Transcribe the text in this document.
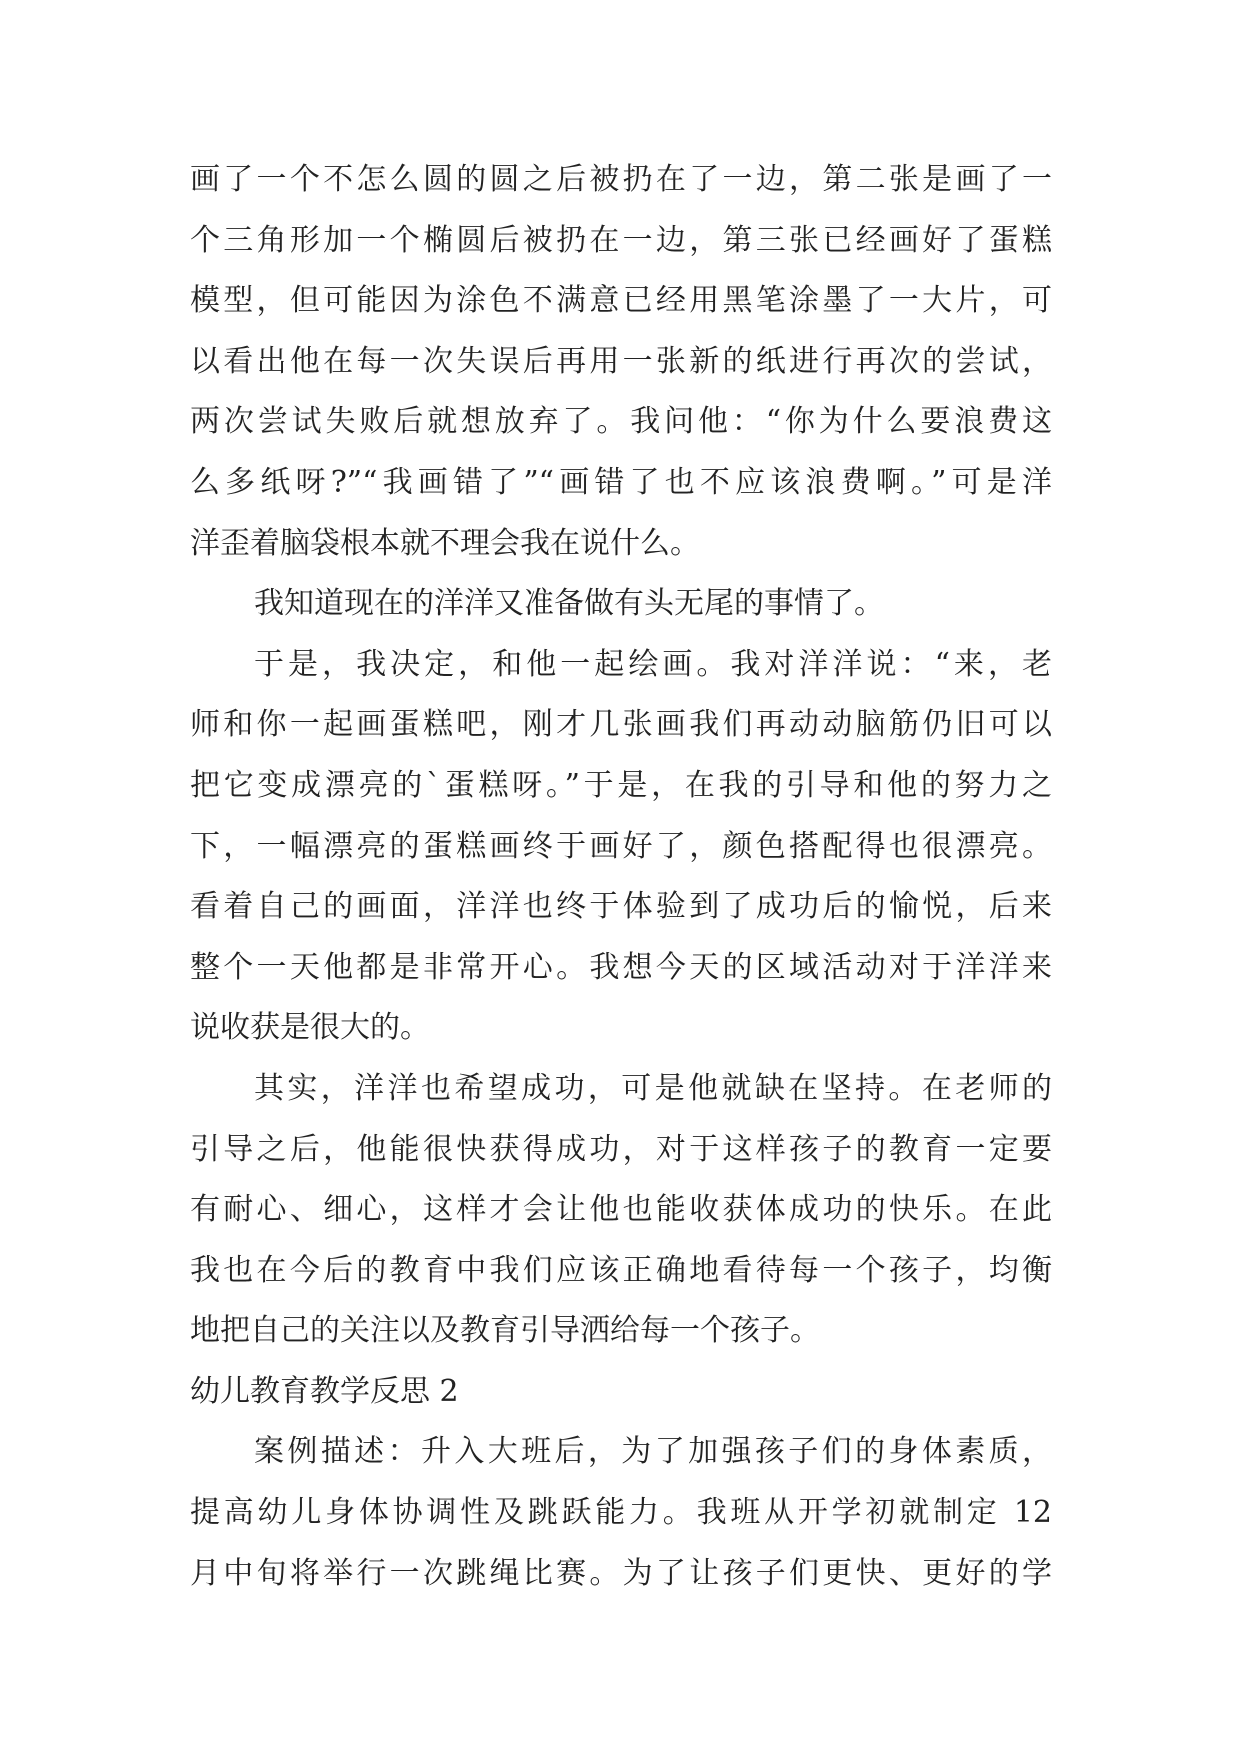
画了一个不怎么圆的圆之后被扔在了一边，第二张是画了一
个三角形加一个椭圆后被扔在一边，第三张已经画好了蛋糕
模型，但可能因为涂色不满意已经用黑笔涂墨了一大片，可
以看出他在每一次失误后再用一张新的纸进行再次的尝试，
两次尝试失败后就想放弃了。我问他：“你为什么要浪费这
么多纸呀?”“我画错了”“画错了也不应该浪费啊。”可是洋
洋歪着脑袋根本就不理会我在说什么。
我知道现在的洋洋又准备做有头无尾的事情了。
于是，我决定，和他一起绘画。我对洋洋说：“来，老
师和你一起画蛋糕吧，刚才几张画我们再动动脑筋仍旧可以
把它变成漂亮的`蛋糕呀。”于是，在我的引导和他的努力之
下，一幅漂亮的蛋糕画终于画好了，颜色搭配得也很漂亮。
看着自己的画面，洋洋也终于体验到了成功后的愉悦，后来
整个一天他都是非常开心。我想今天的区域活动对于洋洋来
说收获是很大的。
其实，洋洋也希望成功，可是他就缺在坚持。在老师的
引导之后，他能很快获得成功，对于这样孩子的教育一定要
有耐心、细心，这样才会让他也能收获体成功的快乐。在此
我也在今后的教育中我们应该正确地看待每一个孩子，均衡
地把自己的关注以及教育引导洒给每一个孩子。
幼儿教育教学反思 2
案例描述：升入大班后，为了加强孩子们的身体素质，
提高幼儿身体协调性及跳跃能力。我班从开学初就制定 12
月中旬将举行一次跳绳比赛。为了让孩子们更快、更好的学
